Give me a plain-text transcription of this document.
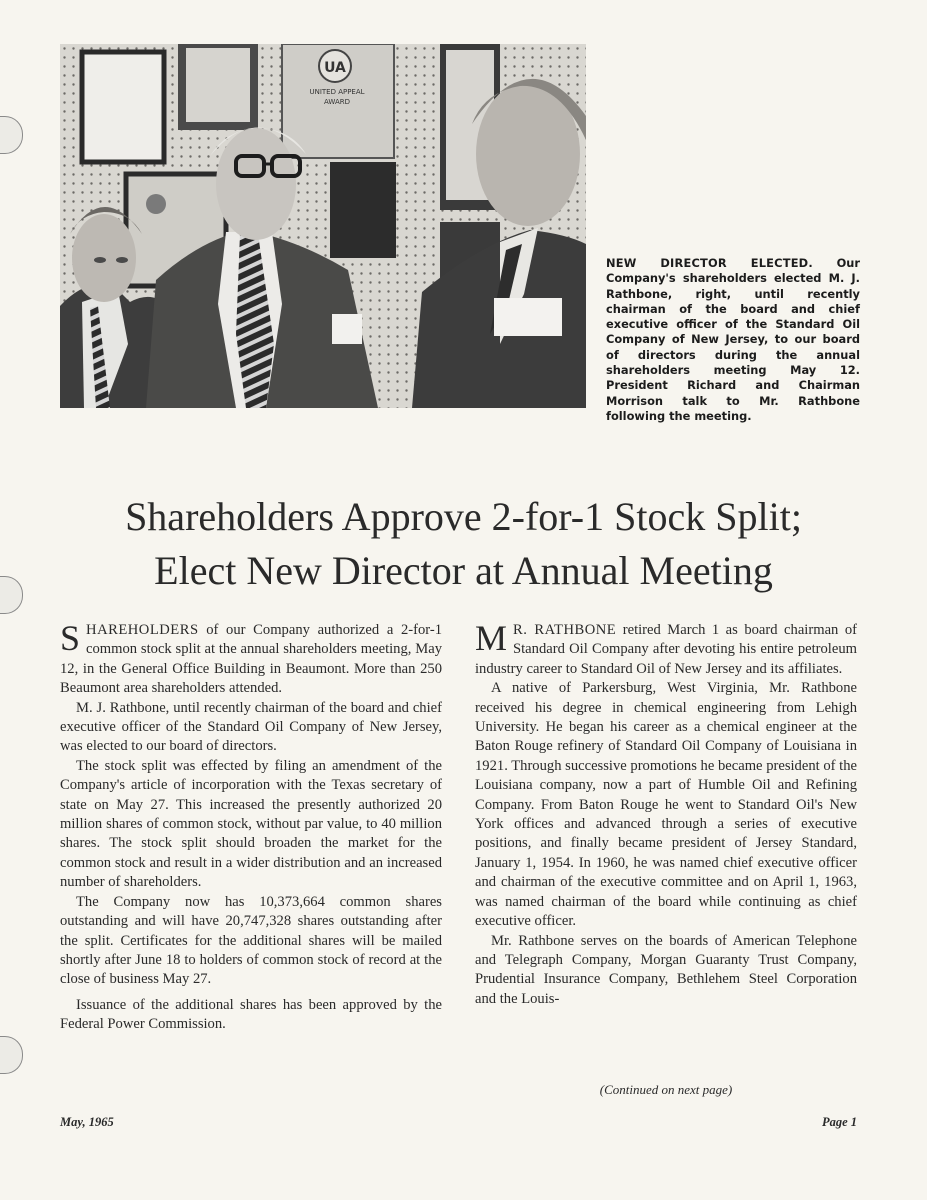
UA
UNITED APPEAL
AWARD
NEW DIRECTOR ELECTED. Our Company's shareholders elected M. J. Rathbone, right, until recently chairman of the board and chief executive officer of the Standard Oil Company of New Jersey, to our board of directors during the annual shareholders meeting May 12. President Richard and Chairman Morrison talk to Mr. Rathbone following the meeting.
Shareholders Approve 2-for-1 Stock Split;
Elect New Director at Annual Meeting

SHAREHOLDERS of our Company authorized a 2-for-1 common stock split at the annual shareholders meeting, May 12, in the General Office Building in Beaumont. More than 250 Beaumont area shareholders attended.

M. J. Rathbone, until recently chairman of the board and chief executive officer of the Standard Oil Company of New Jersey, was elected to our board of directors.

The stock split was effected by filing an amendment of the Company's article of incorporation with the Texas secretary of state on May 27. This increased the presently authorized 20 million shares of common stock, without par value, to 40 million shares. The stock split should broaden the market for the common stock and result in a wider distribution and an increased number of shareholders.

The Company now has 10,373,664 common shares outstanding and will have 20,747,328 shares outstanding after the split. Certificates for the additional shares will be mailed shortly after June 18 to holders of common stock of record at the close of business May 27.

Issuance of the additional shares has been approved by the Federal Power Commission.

M R. RATHBONE retired March 1 as board chairman of Standard Oil Company after devoting his entire petroleum industry career to Standard Oil of New Jersey and its affiliates.

A native of Parkersburg, West Virginia, Mr. Rathbone received his degree in chemical engineering from Lehigh University. He began his career as a chemical engineer at the Baton Rouge refinery of Standard Oil Company of Louisiana in 1921. Through successive promotions he became president of the Louisiana company, now a part of Humble Oil and Refining Company. From Baton Rouge he went to Standard Oil's New York offices and advanced through a series of executive positions, and finally became president of Jersey Standard, January 1, 1954. In 1960, he was named chief executive officer and chairman of the executive committee and on April 1, 1963, was named chairman of the board while continuing as chief executive officer.

Mr. Rathbone serves on the boards of American Telephone and Telegraph Company, Morgan Guaranty Trust Company, Prudential Insurance Company, Bethlehem Steel Corporation and the Louis-

(Continued on next page)
May, 1965	Page 1
